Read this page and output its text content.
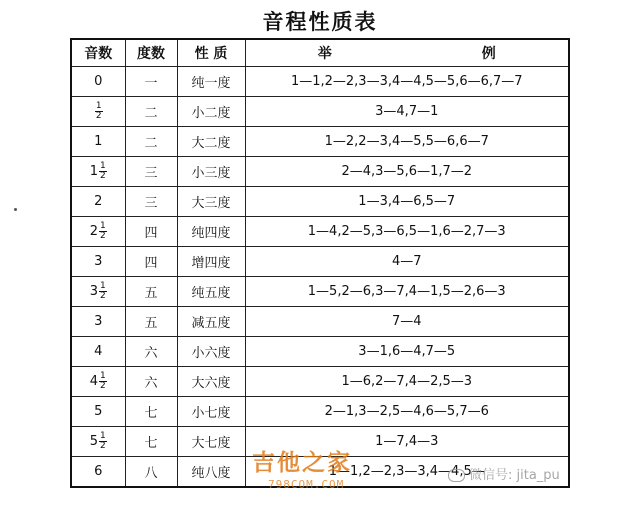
音程性质表
音数	度数	性 质	举 例
0	一	纯一度	1—1,2—2,3—3,4—4,5—5,6—6,7—7

$\frac{1}{2}$	二	小二度	3—4,7—1
1	二	大二度	1—2,2—3,4—5,5—6,6—7
$1 \frac{1}{2}$	三	小三度	2—4,3—5,6—1,7—2
2	三	大三度	1—3,4—6,5—7
$2 \frac{1}{2}$	四	纯四度	1—4,2—5,3—6,5—1,6—2,7—3
3	四	增四度	4—7
$3 \frac{1}{2}$	五	纯五度	1—5,2—6,3—7,4—1,5—2,6—3
3	五	减五度	7—4
4	六	小六度	3—1,6—4,7—5
$4 \frac{1}{2}$	六	大六度	1—6,2—7,4—2,5—3
5	七	小七度	2—1,3—2,5—4,6—5,7—6
$5 \frac{1}{2}$	七	大七度	1—7,4—3
6	八	纯八度	1—1,2—2,3—3,4—4,5—
吉他之家
798COM.COM
微信号: jita_pu
